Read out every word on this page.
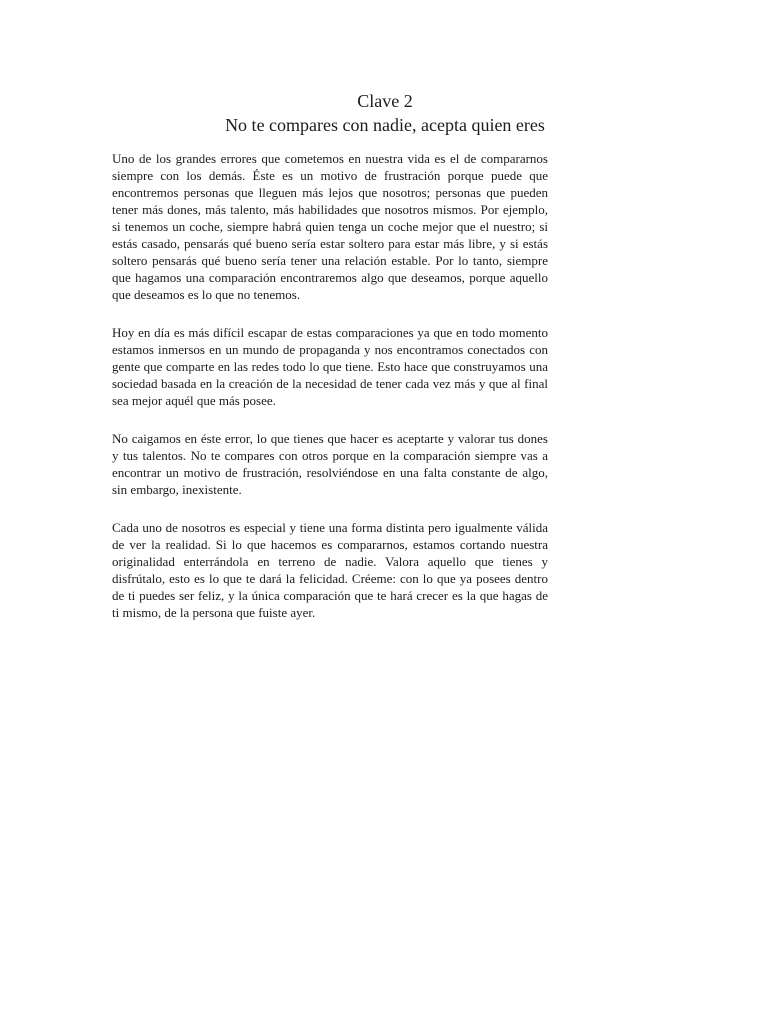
Clave 2
No te compares con nadie, acepta quien eres

Uno de los grandes errores que cometemos en nuestra vida es el de compararnos siempre con los demás. Éste es un motivo de frustración porque puede que encontremos personas que lleguen más lejos que nosotros; personas que pueden tener más dones, más talento, más habilidades que nosotros mismos. Por ejemplo, si tenemos un coche, siempre habrá quien tenga un coche mejor que el nuestro; si estás casado, pensarás qué bueno sería estar soltero para estar más libre, y si estás soltero pensarás qué bueno sería tener una relación estable. Por lo tanto, siempre que hagamos una comparación encontraremos algo que deseamos, porque aquello que deseamos es lo que no tenemos.

Hoy en día es más difícil escapar de estas comparaciones ya que en todo momento estamos inmersos en un mundo de propaganda y nos encontramos conectados con gente que comparte en las redes todo lo que tiene. Esto hace que construyamos una sociedad basada en la creación de la necesidad de tener cada vez más y que al final sea mejor aquél que más posee.

No caigamos en éste error, lo que tienes que hacer es aceptarte y valorar tus dones y tus talentos. No te compares con otros porque en la comparación siempre vas a encontrar un motivo de frustración, resolviéndose en una falta constante de algo, sin embargo, inexistente.

Cada uno de nosotros es especial y tiene una forma distinta pero igualmente válida de ver la realidad. Si lo que hacemos es compararnos, estamos cortando nuestra originalidad enterrándola en terreno de nadie. Valora aquello que tienes y disfrútalo, esto es lo que te dará la felicidad. Créeme: con lo que ya posees dentro de ti puedes ser feliz, y la única comparación que te hará crecer es la que hagas de ti mismo, de la persona que fuiste ayer.
